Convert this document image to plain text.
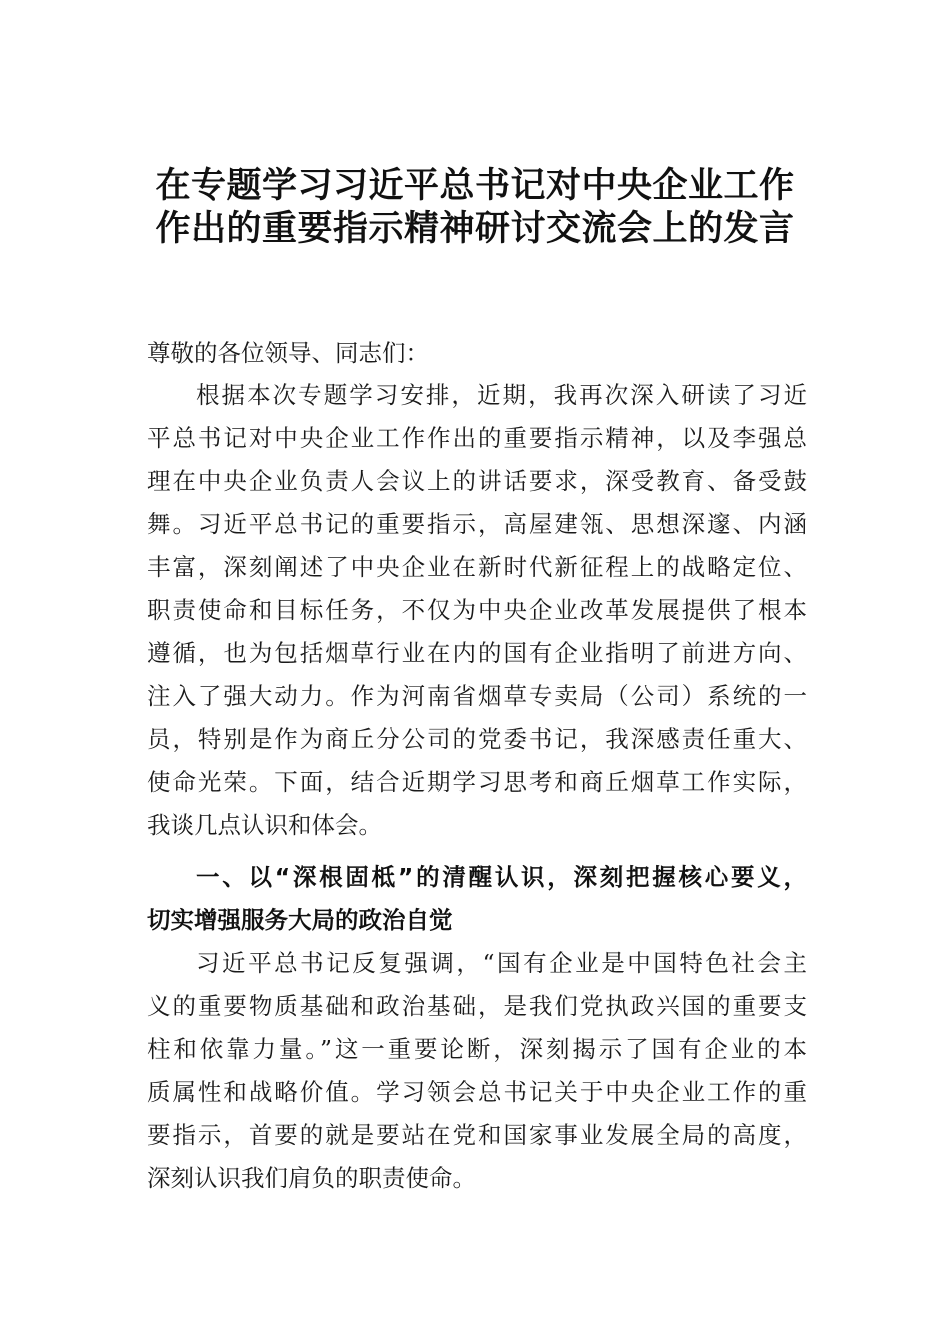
在专题学习习近平总书记对中央企业工作
作出的重要指示精神研讨交流会上的发言
尊敬的各位领导、同志们：
根据本次专题学习安排，近期，我再次深入研读了习近
平总书记对中央企业工作作出的重要指示精神，以及李强总
理在中央企业负责人会议上的讲话要求，深受教育、备受鼓
舞。习近平总书记的重要指示，高屋建瓴、思想深邃、内涵
丰富，深刻阐述了中央企业在新时代新征程上的战略定位、
职责使命和目标任务，不仅为中央企业改革发展提供了根本
遵循，也为包括烟草行业在内的国有企业指明了前进方向、
注入了强大动力。作为河南省烟草专卖局（公司）系统的一
员，特别是作为商丘分公司的党委书记，我深感责任重大、
使命光荣。下面，结合近期学习思考和商丘烟草工作实际，
我谈几点认识和体会。
一、以“深根固柢”的清醒认识，深刻把握核心要义，
切实增强服务大局的政治自觉
习近平总书记反复强调，“国有企业是中国特色社会主
义的重要物质基础和政治基础，是我们党执政兴国的重要支
柱和依靠力量。”这一重要论断，深刻揭示了国有企业的本
质属性和战略价值。学习领会总书记关于中央企业工作的重
要指示，首要的就是要站在党和国家事业发展全局的高度，
深刻认识我们肩负的职责使命。
